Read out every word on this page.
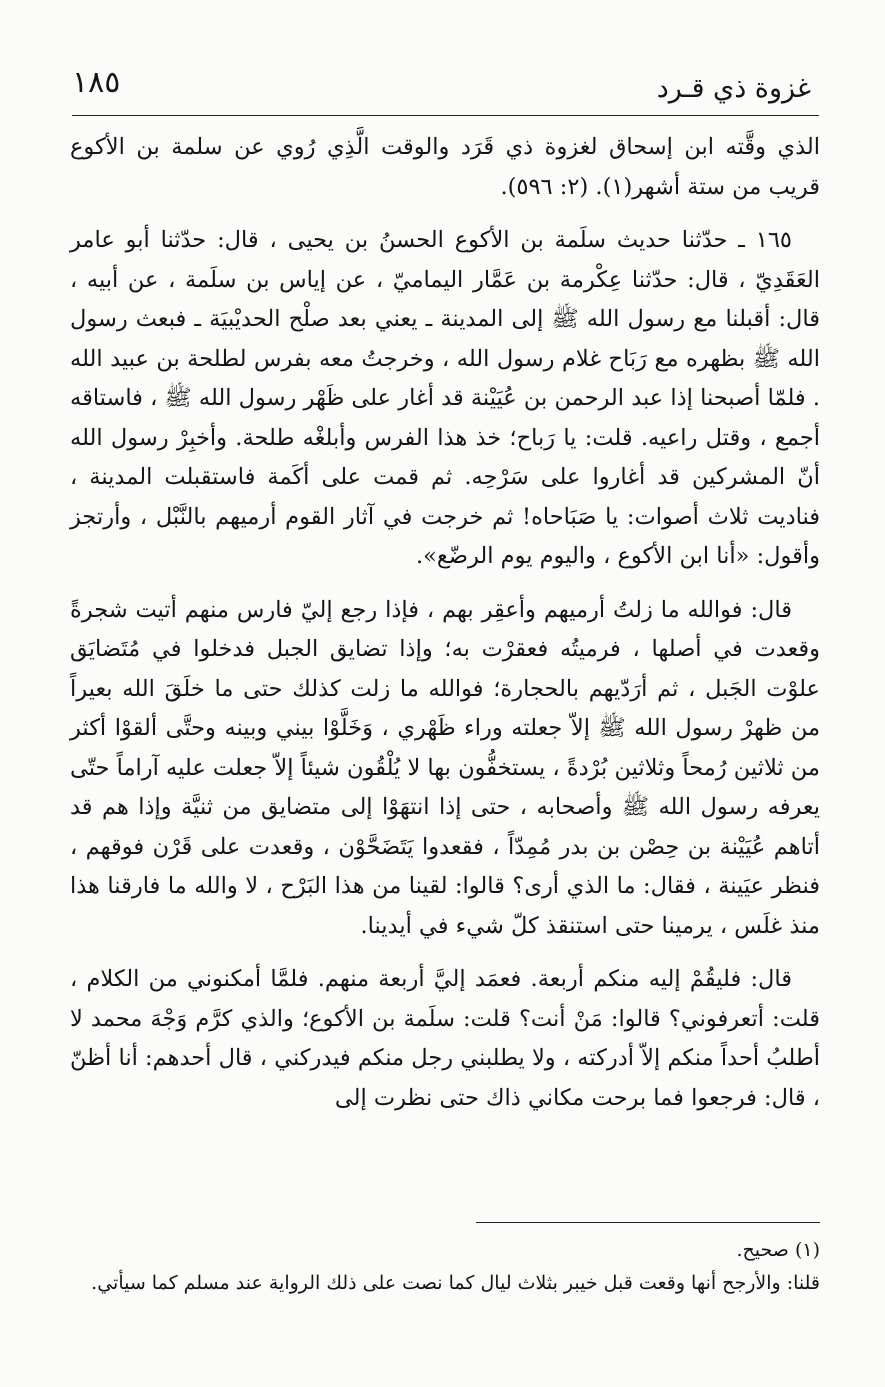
١٨٥	غزوة ذي قـرد

الذي وقَّته ابن إسحاق لغزوة ذي قَرَد والوقت الَّذِي رُوي عن سلمة بن الأكوع قريب من ستة أشهر(١). (٢: ٥٩٦).

١٦٥ ـ حدّثنا حديث سلَمة بن الأكوع الحسنُ بن يحيى ، قال: حدّثنا أبو عامر العَقَدِيّ ، قال: حدّثنا عِكْرمة بن عَمَّار اليماميّ ، عن إياس بن سلَمة ، عن أبيه ، قال: أقبلنا مع رسول الله ﷺ إلى المدينة ـ يعني بعد صلْح الحديْبيَة ـ فبعث رسول الله ﷺ بظهره مع رَبَاح غلام رسول الله ، وخرجتُ معه بفرس لطلحة بن عبيد الله . فلمّا أصبحنا إذا عبد الرحمن بن عُيَيْنة قد أغار على ظَهْر رسول الله ﷺ ، فاستاقه أجمع ، وقتل راعيه. قلت: يا رَباح؛ خذ هذا الفرس وأبلغْه طلحة. وأخبِرْ رسول الله أنّ المشركين قد أغاروا على سَرْحِه. ثم قمت على أكَمة فاستقبلت المدينة ، فناديت ثلاث أصوات: يا صَبَاحاه! ثم خرجت في آثار القوم أرميهم بالنَّبْل ، وأرتجز وأقول: «أنا ابن الأكوع ، واليوم يوم الرضّع».

قال: فوالله ما زلتُ أرميهم وأعقِر بهم ، فإذا رجع إليّ فارس منهم أتيت شجرةً وقعدت في أصلها ، فرميتُه فعقرْت به؛ وإذا تضايق الجبل فدخلوا في مُتَضايَق علوْت الجَبل ، ثم أرَدّيهم بالحجارة؛ فوالله ما زلت كذلك حتى ما خلَقَ الله بعيراً من ظهرْ رسول الله ﷺ إلاّ جعلته وراء ظَهْري ، وَخَلَّوْا بيني وبينه وحتَّى ألقوْا أكثر من ثلاثين رُمحاً وثلاثين بُرْدةً ، يستخفُّون بها لا يُلْقُون شيئاً إلاّ جعلت عليه آراماً حتّى يعرفه رسول الله ﷺ وأصحابه ، حتى إذا انتهَوْا إلى متضايق من ثنيَّة وإذا هم قد أتاهم عُيَيْنة بن حِصْن بن بدر مُمِدّاً ، فقعدوا يَتَضَحَّوْن ، وقعدت على قَرْن فوقهم ، فنظر عيَينة ، فقال: ما الذي أرى؟ قالوا: لقينا من هذا البَرْح ، لا والله ما فارقنا هذا منذ غلَس ، يرمينا حتى استنقذ كلّ شيء في أيدينا.

قال: فليقُمْ إليه منكم أربعة. فعمَد إليَّ أربعة منهم. فلمَّا أمكنوني من الكلام ، قلت: أتعرفوني؟ قالوا: مَنْ أنت؟ قلت: سلَمة بن الأكوع؛ والذي كرَّم وَجْهَ محمد لا أطلبُ أحداً منكم إلاّ أدركته ، ولا يطلبني رجل منكم فيدركني ، قال أحدهم: أنا أظنّ ، قال: فرجعوا فما برحت مكاني ذاك حتى نظرت إلى

(١) صحيح.

قلنا: والأرجح أنها وقعت قبل خيبر بثلاث ليال كما نصت على ذلك الرواية عند مسلم كما سيأتي.
